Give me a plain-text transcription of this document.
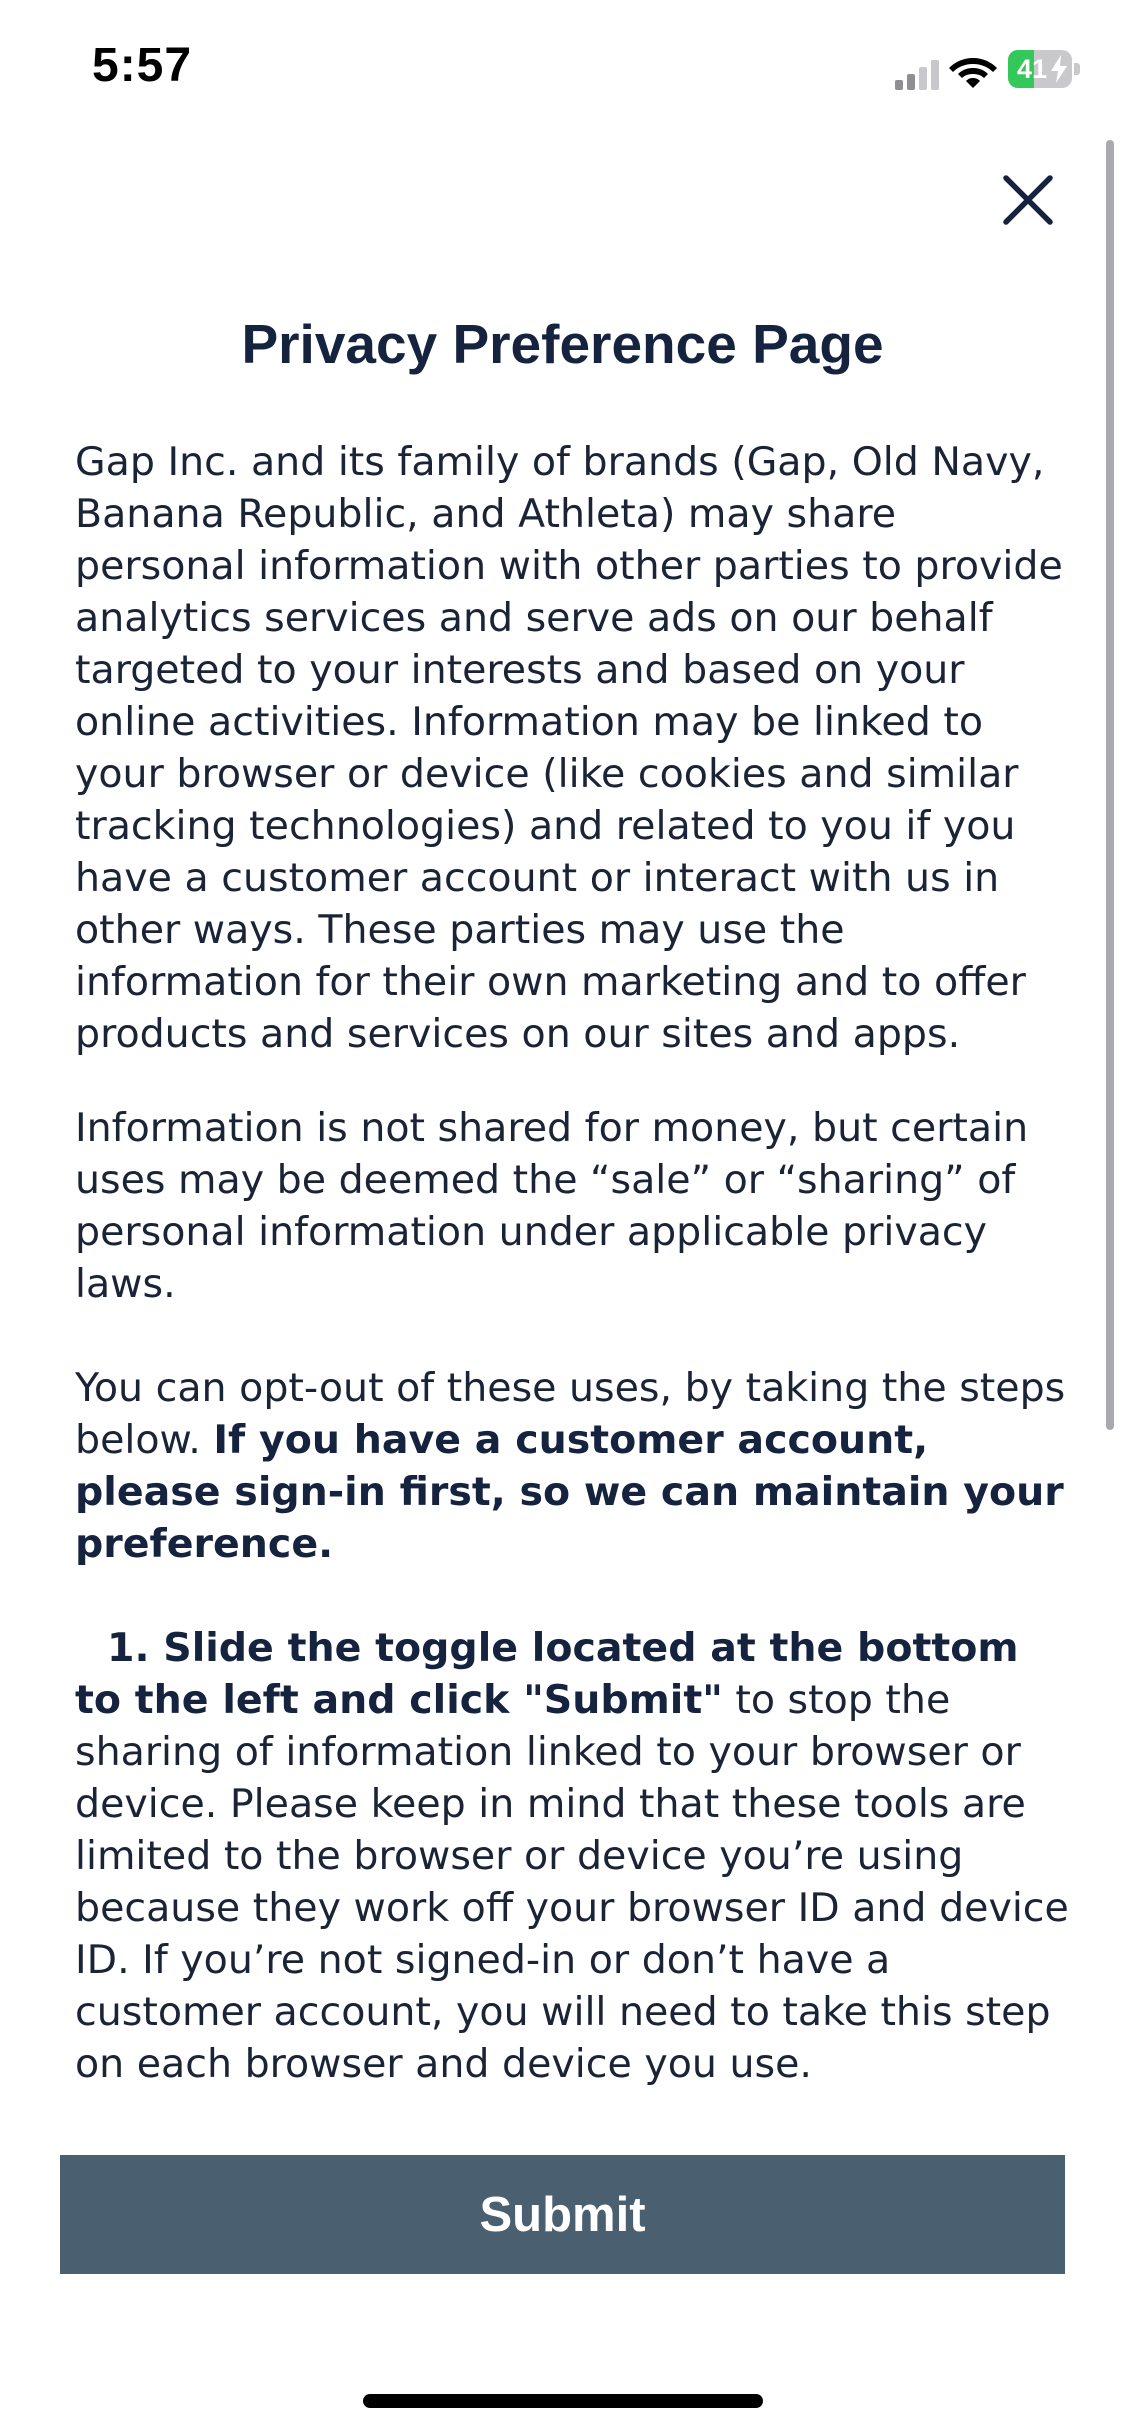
5:57	41
Privacy Preference Page

Gap Inc. and its family of brands (Gap, Old Navy, Banana Republic, and Athleta) may share personal information with other parties to provide analytics services and serve ads on our behalf targeted to your interests and based on your online activities. Information may be linked to your browser or device (like cookies and similar tracking technologies) and related to you if you have a customer account or interact with us in other ways. These parties may use the information for their own marketing and to offer products and services on our sites and apps.

Information is not shared for money, but certain uses may be deemed the “sale” or “sharing” of personal information under applicable privacy laws.

You can opt-out of these uses, by taking the steps below. If you have a customer account, please sign-in first, so we can maintain your preference.

1. Slide the toggle located at the bottom to the left and click "Submit" to stop the sharing of information linked to your browser or device. Please keep in mind that these tools are limited to the browser or device you’re using because they work off your browser ID and device ID. If you’re not signed-in or don’t have a customer account, you will need to take this step on each browser and device you use.

Submit
